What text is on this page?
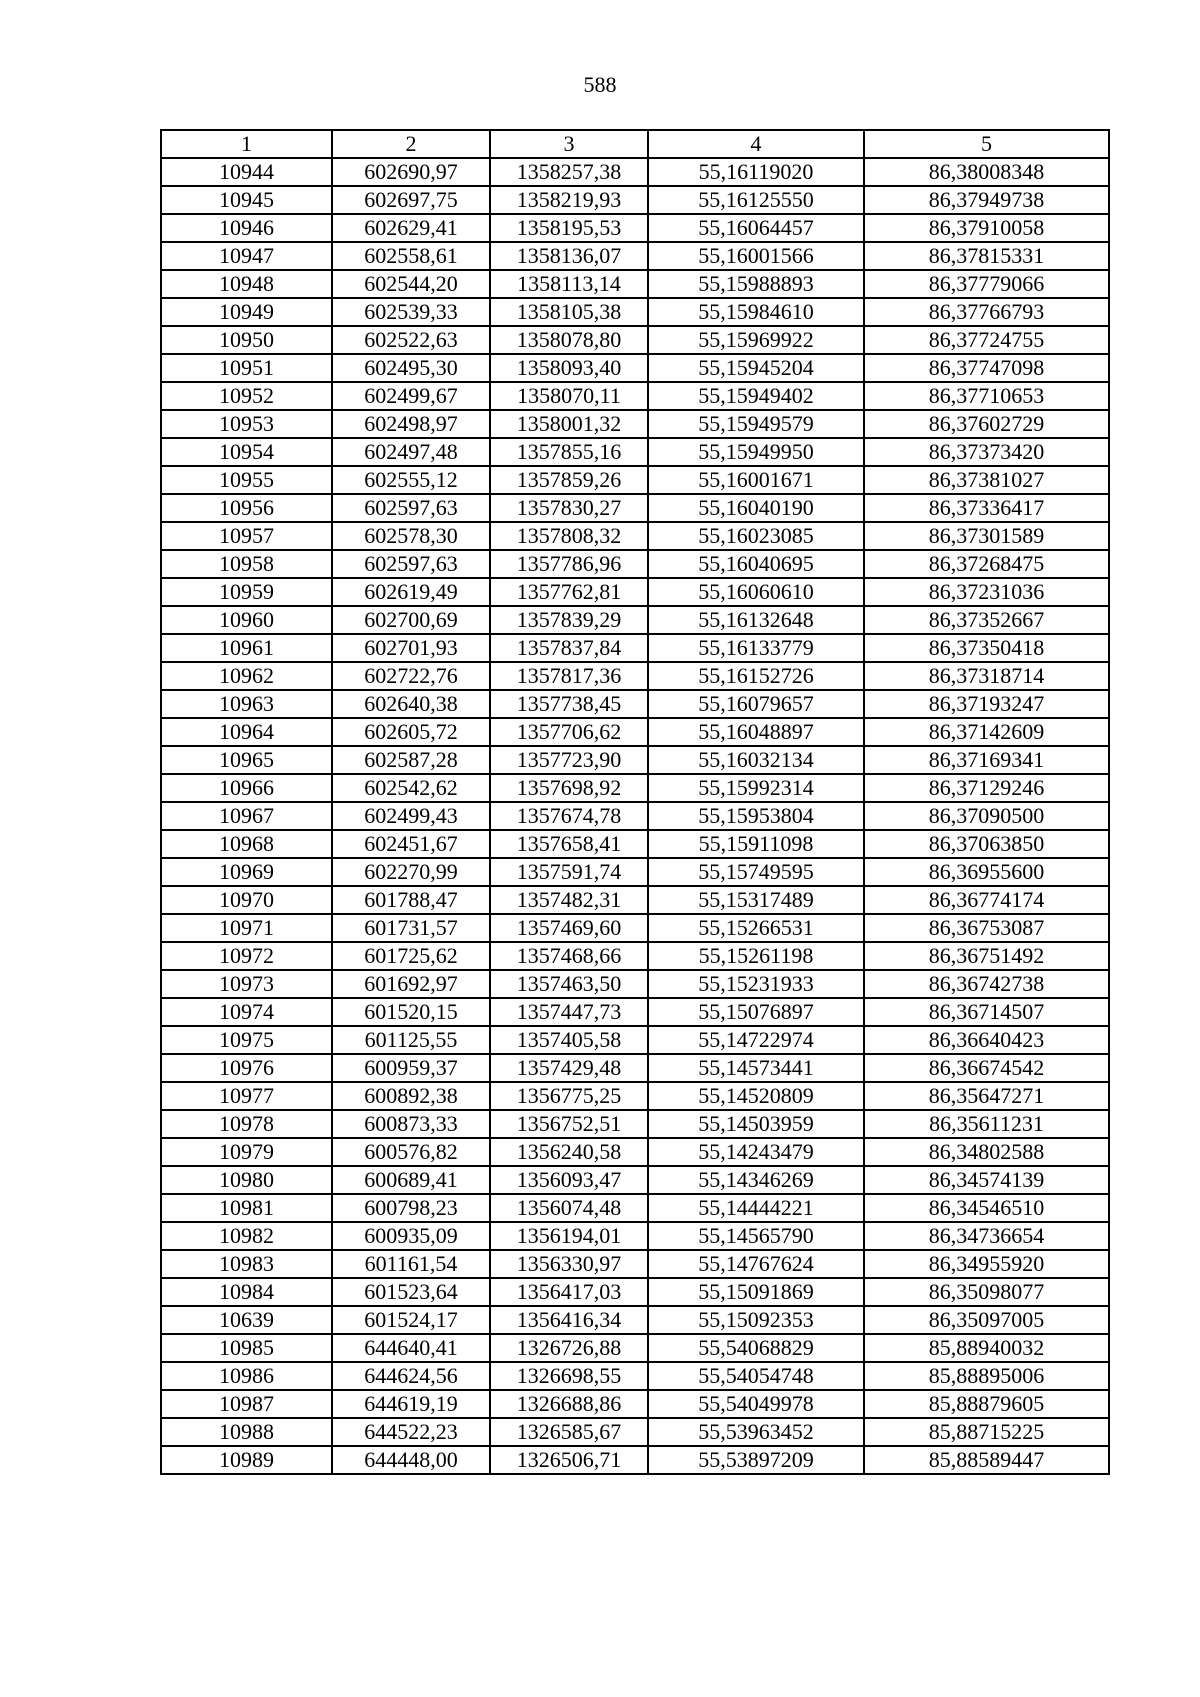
588
1	2	3	4	5
10944	602690,97	1358257,38	55,16119020	86,38008348
10945	602697,75	1358219,93	55,16125550	86,37949738
10946	602629,41	1358195,53	55,16064457	86,37910058
10947	602558,61	1358136,07	55,16001566	86,37815331
10948	602544,20	1358113,14	55,15988893	86,37779066
10949	602539,33	1358105,38	55,15984610	86,37766793
10950	602522,63	1358078,80	55,15969922	86,37724755
10951	602495,30	1358093,40	55,15945204	86,37747098
10952	602499,67	1358070,11	55,15949402	86,37710653
10953	602498,97	1358001,32	55,15949579	86,37602729
10954	602497,48	1357855,16	55,15949950	86,37373420
10955	602555,12	1357859,26	55,16001671	86,37381027
10956	602597,63	1357830,27	55,16040190	86,37336417
10957	602578,30	1357808,32	55,16023085	86,37301589
10958	602597,63	1357786,96	55,16040695	86,37268475
10959	602619,49	1357762,81	55,16060610	86,37231036
10960	602700,69	1357839,29	55,16132648	86,37352667
10961	602701,93	1357837,84	55,16133779	86,37350418
10962	602722,76	1357817,36	55,16152726	86,37318714
10963	602640,38	1357738,45	55,16079657	86,37193247
10964	602605,72	1357706,62	55,16048897	86,37142609
10965	602587,28	1357723,90	55,16032134	86,37169341
10966	602542,62	1357698,92	55,15992314	86,37129246
10967	602499,43	1357674,78	55,15953804	86,37090500
10968	602451,67	1357658,41	55,15911098	86,37063850
10969	602270,99	1357591,74	55,15749595	86,36955600
10970	601788,47	1357482,31	55,15317489	86,36774174
10971	601731,57	1357469,60	55,15266531	86,36753087
10972	601725,62	1357468,66	55,15261198	86,36751492
10973	601692,97	1357463,50	55,15231933	86,36742738
10974	601520,15	1357447,73	55,15076897	86,36714507
10975	601125,55	1357405,58	55,14722974	86,36640423
10976	600959,37	1357429,48	55,14573441	86,36674542
10977	600892,38	1356775,25	55,14520809	86,35647271
10978	600873,33	1356752,51	55,14503959	86,35611231
10979	600576,82	1356240,58	55,14243479	86,34802588
10980	600689,41	1356093,47	55,14346269	86,34574139
10981	600798,23	1356074,48	55,14444221	86,34546510
10982	600935,09	1356194,01	55,14565790	86,34736654
10983	601161,54	1356330,97	55,14767624	86,34955920
10984	601523,64	1356417,03	55,15091869	86,35098077
10639	601524,17	1356416,34	55,15092353	86,35097005
10985	644640,41	1326726,88	55,54068829	85,88940032
10986	644624,56	1326698,55	55,54054748	85,88895006
10987	644619,19	1326688,86	55,54049978	85,88879605
10988	644522,23	1326585,67	55,53963452	85,88715225
10989	644448,00	1326506,71	55,53897209	85,88589447
